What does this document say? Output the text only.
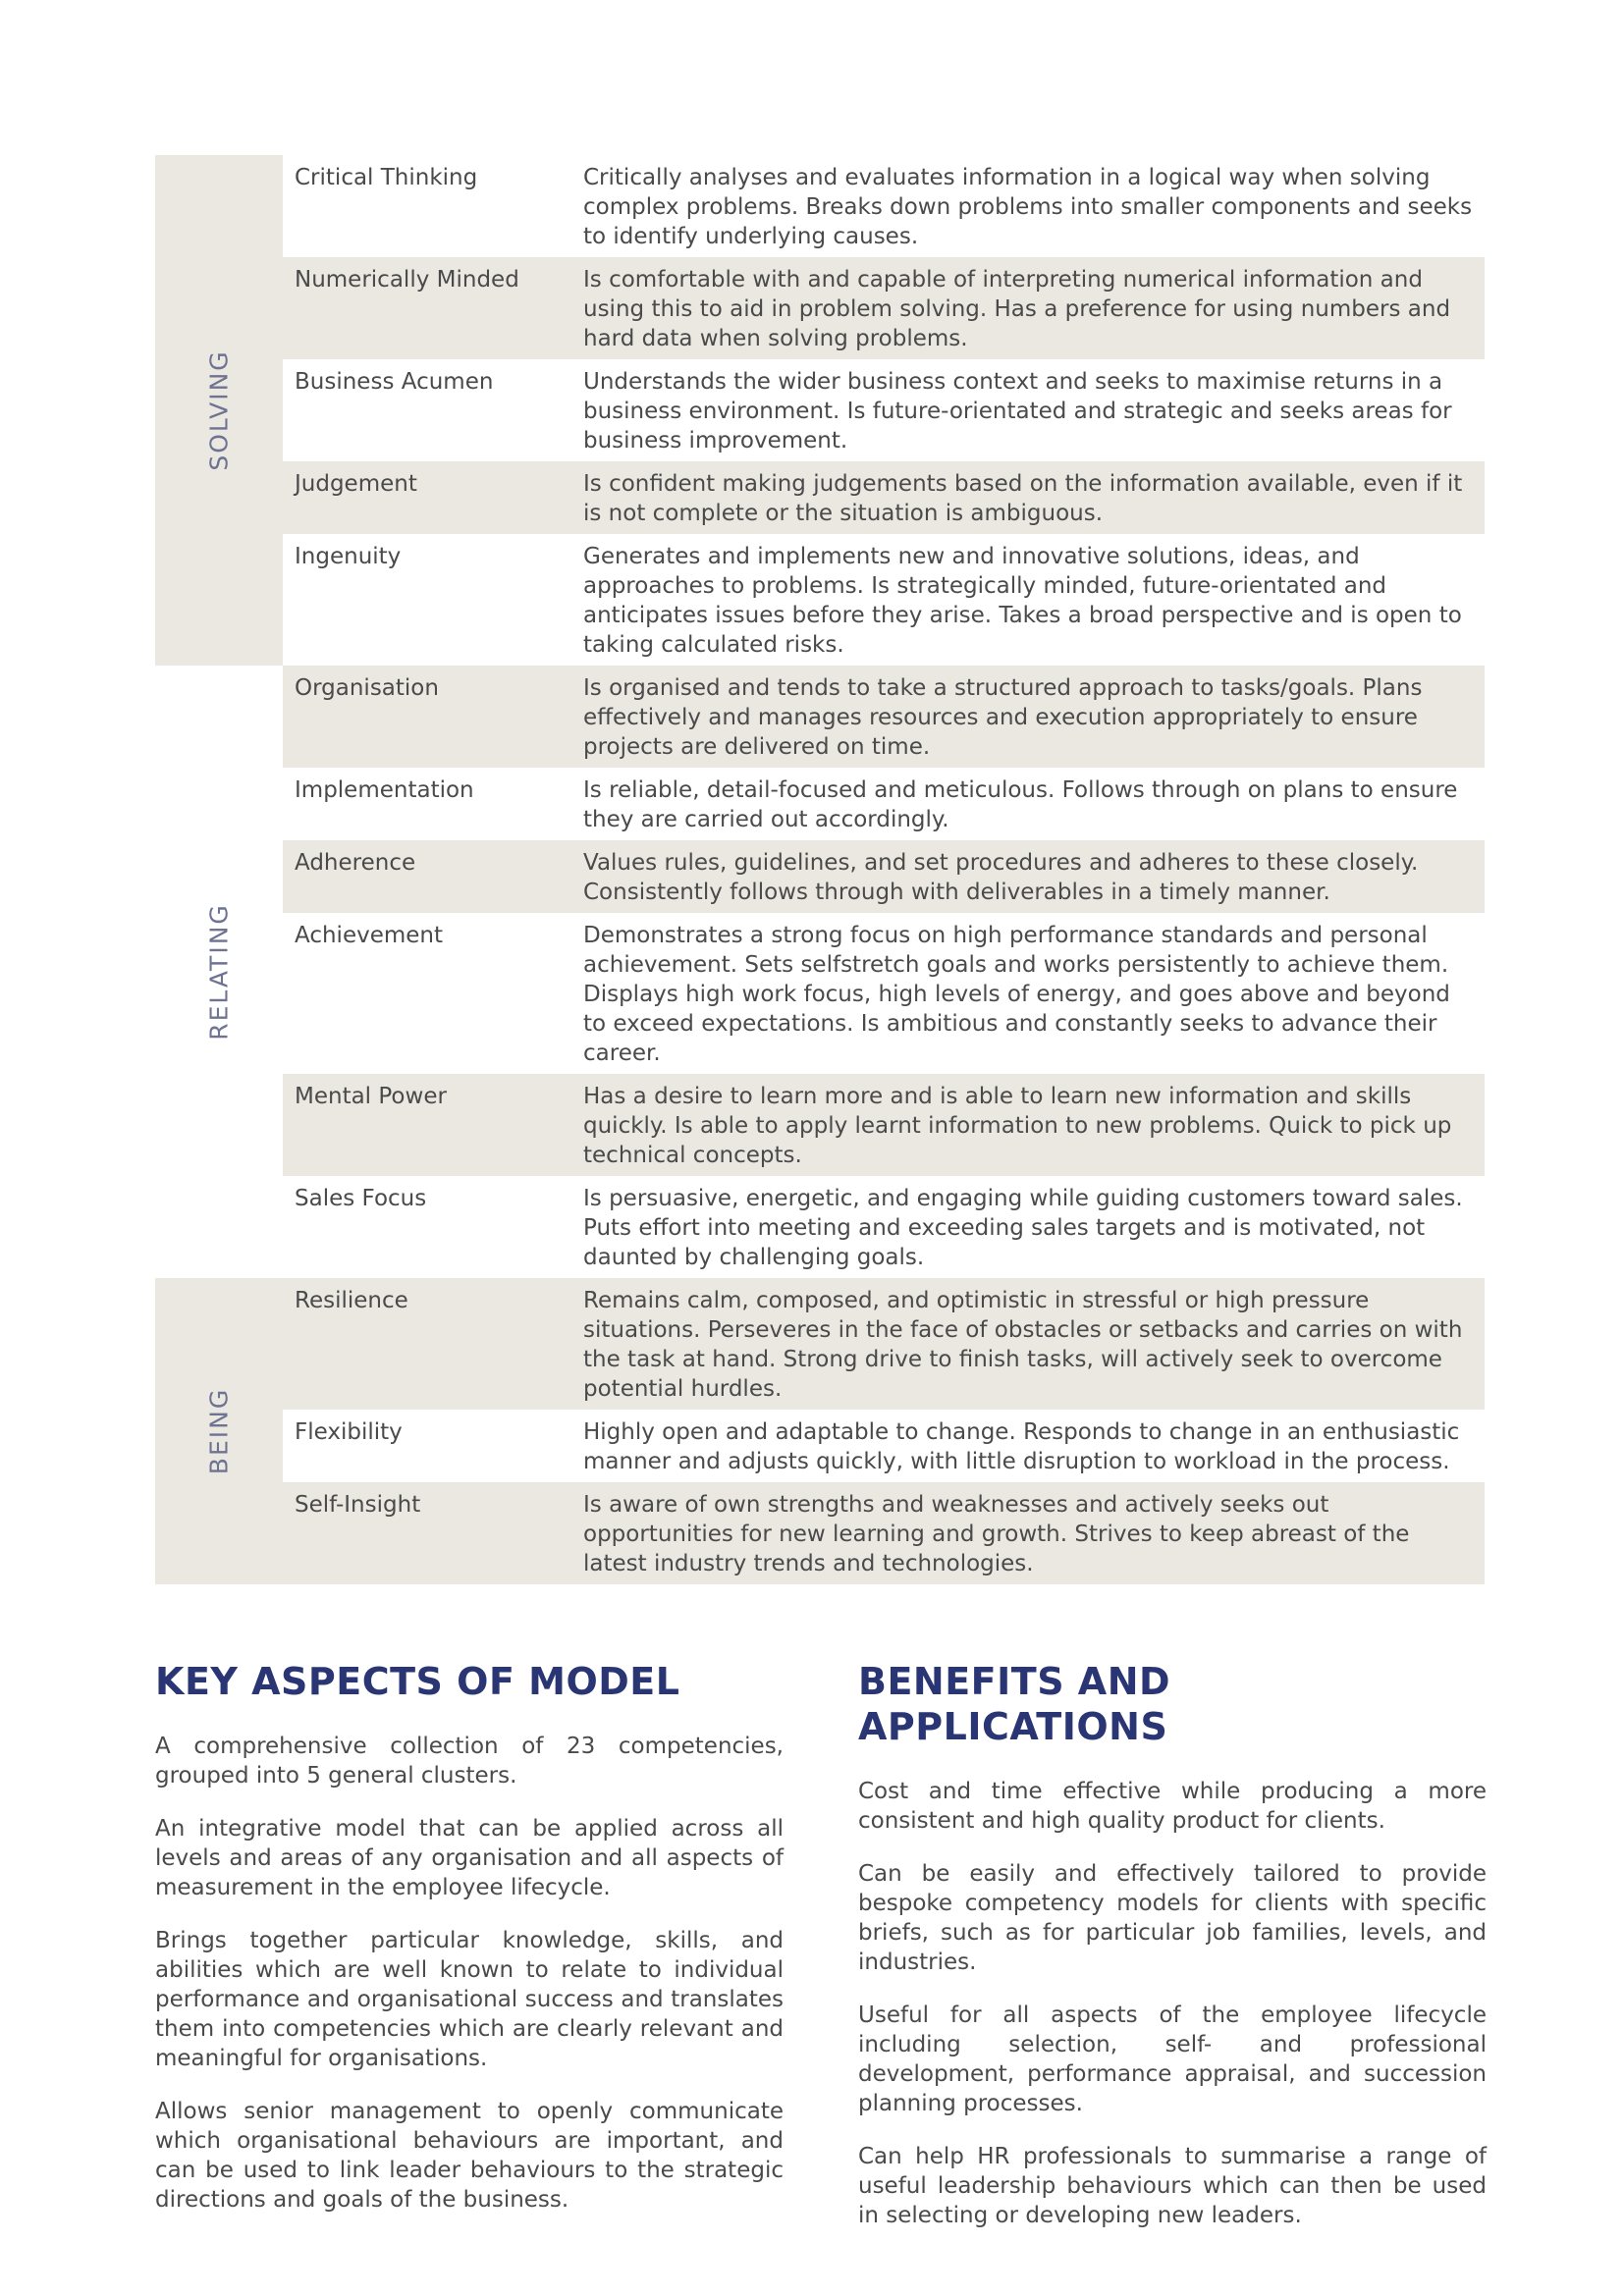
SOLVING
Critical Thinking	Critically analyses and evaluates information in a logical way when solving complex problems. Breaks down problems into smaller components and seeks to identify underlying causes.
Numerically Minded	Is comfortable with and capable of interpreting numerical information and using this to aid in problem solving. Has a preference for using numbers and hard data when solving problems.
Business Acumen	Understands the wider business context and seeks to maximise returns in a business environment. Is future-orientated and strategic and seeks areas for business improvement.
Judgement	Is confident making judgements based on the information available, even if it is not complete or the situation is ambiguous.
Ingenuity	Generates and implements new and innovative solutions, ideas, and approaches to problems. Is strategically minded, future-orientated and anticipates issues before they arise. Takes a broad perspective and is open to taking calculated risks.
RELATING
Organisation	Is organised and tends to take a structured approach to tasks/goals. Plans effectively and manages resources and execution appropriately to ensure projects are delivered on time.
Implementation	Is reliable, detail-focused and meticulous. Follows through on plans to ensure they are carried out accordingly.
Adherence	Values rules, guidelines, and set procedures and adheres to these closely. Consistently follows through with deliverables in a timely manner.
Achievement	Demonstrates a strong focus on high performance standards and personal achievement. Sets selfstretch goals and works persistently to achieve them. Displays high work focus, high levels of energy, and goes above and beyond to exceed expectations. Is ambitious and constantly seeks to advance their career.
Mental Power	Has a desire to learn more and is able to learn new information and skills quickly. Is able to apply learnt information to new problems. Quick to pick up technical concepts.
Sales Focus	Is persuasive, energetic, and engaging while guiding customers toward sales. Puts effort into meeting and exceeding sales targets and is motivated, not daunted by challenging goals.
BEING
Resilience	Remains calm, composed, and optimistic in stressful or high pressure situations. Perseveres in the face of obstacles or setbacks and carries on with the task at hand. Strong drive to finish tasks, will actively seek to overcome potential hurdles.
Flexibility	Highly open and adaptable to change. Responds to change in an enthusiastic manner and adjusts quickly, with little disruption to workload in the process.
Self-Insight	Is aware of own strengths and weaknesses and actively seeks out opportunities for new learning and growth. Strives to keep abreast of the latest industry trends and technologies.
KEY ASPECTS OF MODEL

A comprehensive collection of 23 competencies, grouped into 5 general clusters.

An integrative model that can be applied across all levels and areas of any organisation and all aspects of measurement in the employee lifecycle.

Brings together particular knowledge, skills, and abilities which are well known to relate to individual performance and organisational success and translates them into competencies which are clearly relevant and meaningful for organisations.

Allows senior management to openly communicate which organisational behaviours are important, and can be used to link leader behaviours to the strategic directions and goals of the business.

BENEFITS AND APPLICATIONS

Cost and time effective while producing a more consistent and high quality product for clients.

Can be easily and effectively tailored to provide bespoke competency models for clients with specific briefs, such as for particular job families, levels, and industries.

Useful for all aspects of the employee lifecycle including selection, self- and professional development, performance appraisal, and succession planning processes.

Can help HR professionals to summarise a range of useful leadership behaviours which can then be used in selecting or developing new leaders.
